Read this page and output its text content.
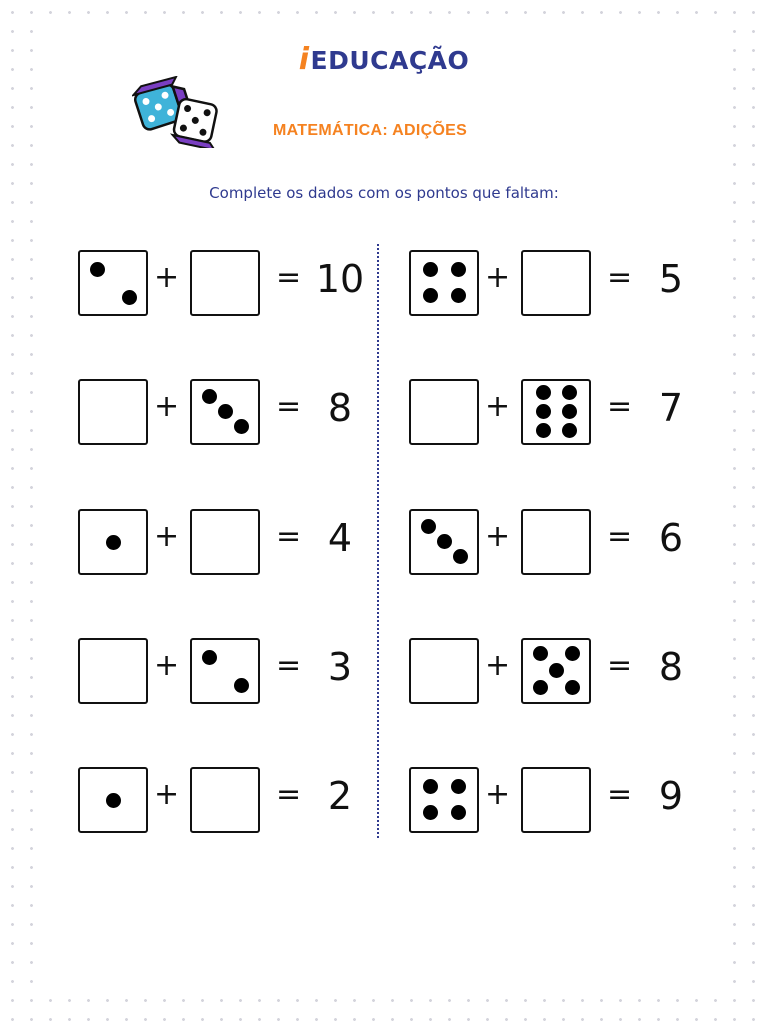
iEDUCAÇÃO
MATEMÁTICA: ADIÇÕES
Complete os dados com os pontos que faltam:
+	= 10
+	= 8
+	= 4
+	= 3
+	= 2
+	= 5
+	= 7
+	= 6
+	= 8
+	= 9
